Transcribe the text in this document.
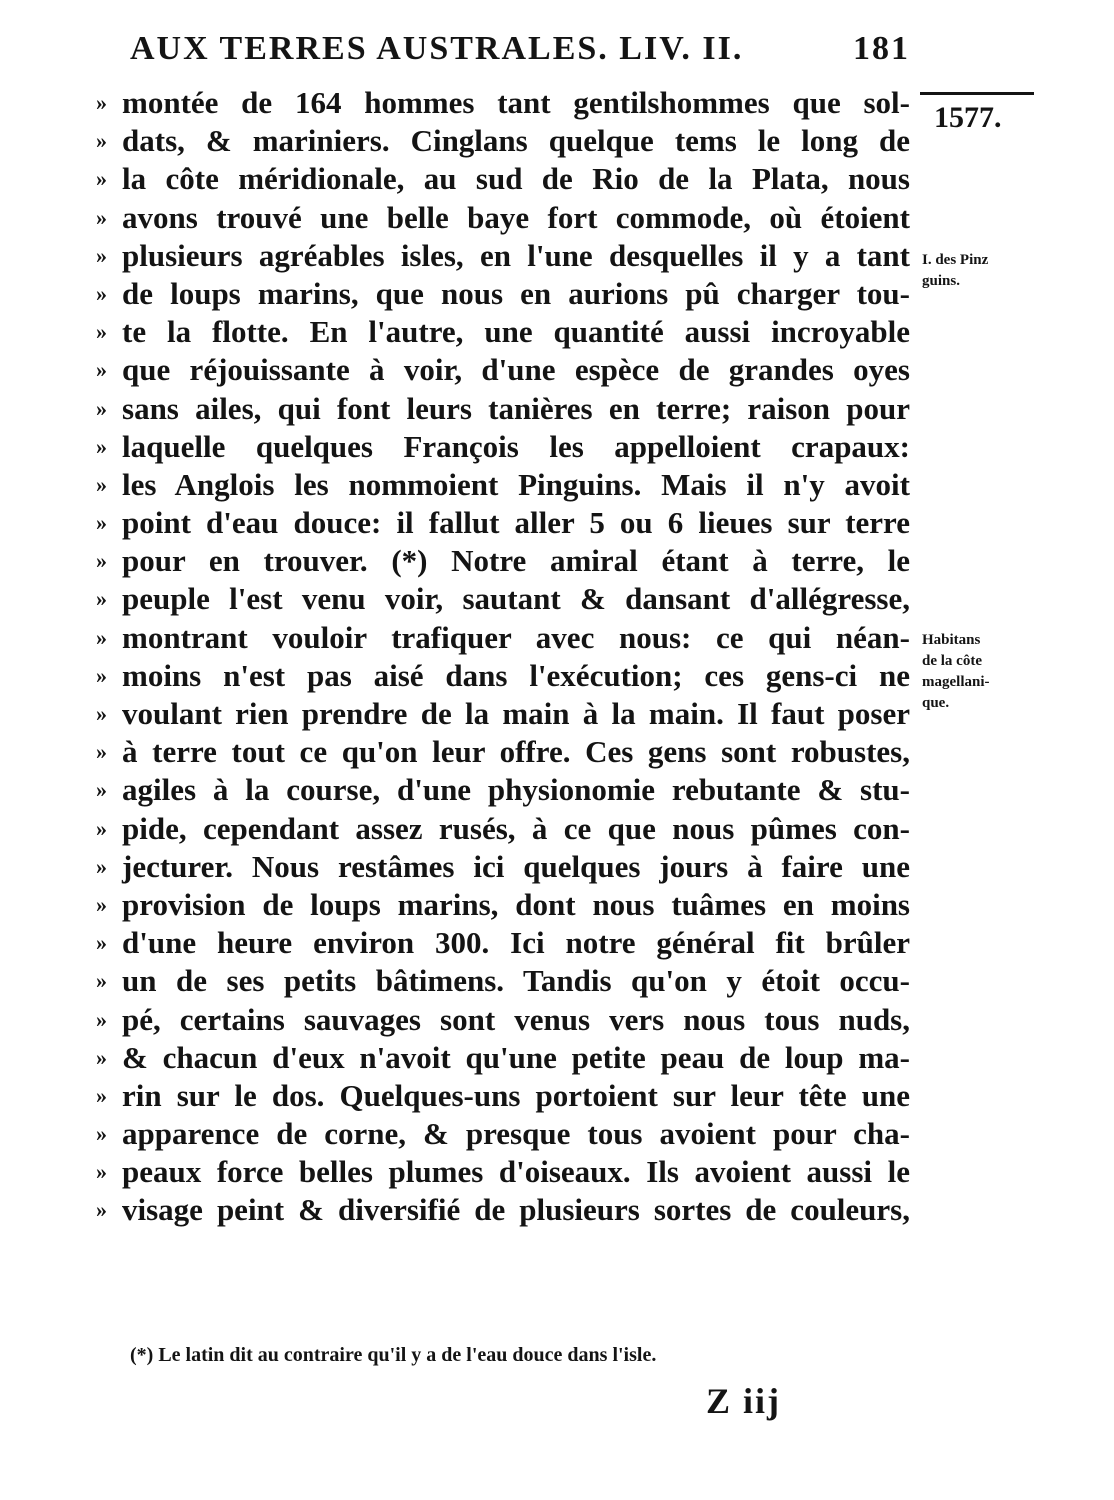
AUX TERRES AUSTRALES. LIV. II.	181
1577.
I. des Pinz
guins.
Habitans
de la côte
magellani-
que.
» montée de 164 hommes tant gentilshommes que sol-
» dats, & mariniers. Cinglans quelque tems le long de
» la côte méridionale, au sud de Rio de la Plata, nous
» avons trouvé une belle baye fort commode, où étoient
» plusieurs agréables isles, en l'une desquelles il y a tant
» de loups marins, que nous en aurions pû charger tou-
» te la flotte. En l'autre, une quantité aussi incroyable
» que réjouissante à voir, d'une espèce de grandes oyes
» sans ailes, qui font leurs tanières en terre; raison pour
» laquelle quelques François les appelloient crapaux:
» les Anglois les nommoient Pinguins. Mais il n'y avoit
» point d'eau douce: il fallut aller 5 ou 6 lieues sur terre
» pour en trouver. (*) Notre amiral étant à terre, le
» peuple l'est venu voir, sautant & dansant d'allégresse,
» montrant vouloir trafiquer avec nous: ce qui néan-
» moins n'est pas aisé dans l'exécution; ces gens-ci ne
» voulant rien prendre de la main à la main. Il faut poser
» à terre tout ce qu'on leur offre. Ces gens sont robustes,
» agiles à la course, d'une physionomie rebutante & stu-
» pide, cependant assez rusés, à ce que nous pûmes con-
» jecturer. Nous restâmes ici quelques jours à faire une
» provision de loups marins, dont nous tuâmes en moins
» d'une heure environ 300. Ici notre général fit brûler
» un de ses petits bâtimens. Tandis qu'on y étoit occu-
» pé, certains sauvages sont venus vers nous tous nuds,
» & chacun d'eux n'avoit qu'une petite peau de loup ma-
» rin sur le dos. Quelques-uns portoient sur leur tête une
» apparence de corne, & presque tous avoient pour cha-
» peaux force belles plumes d'oiseaux. Ils avoient aussi le
» visage peint & diversifié de plusieurs sortes de couleurs,
(*) Le latin dit au contraire qu'il y a de l'eau douce dans l'isle.
Z iij
